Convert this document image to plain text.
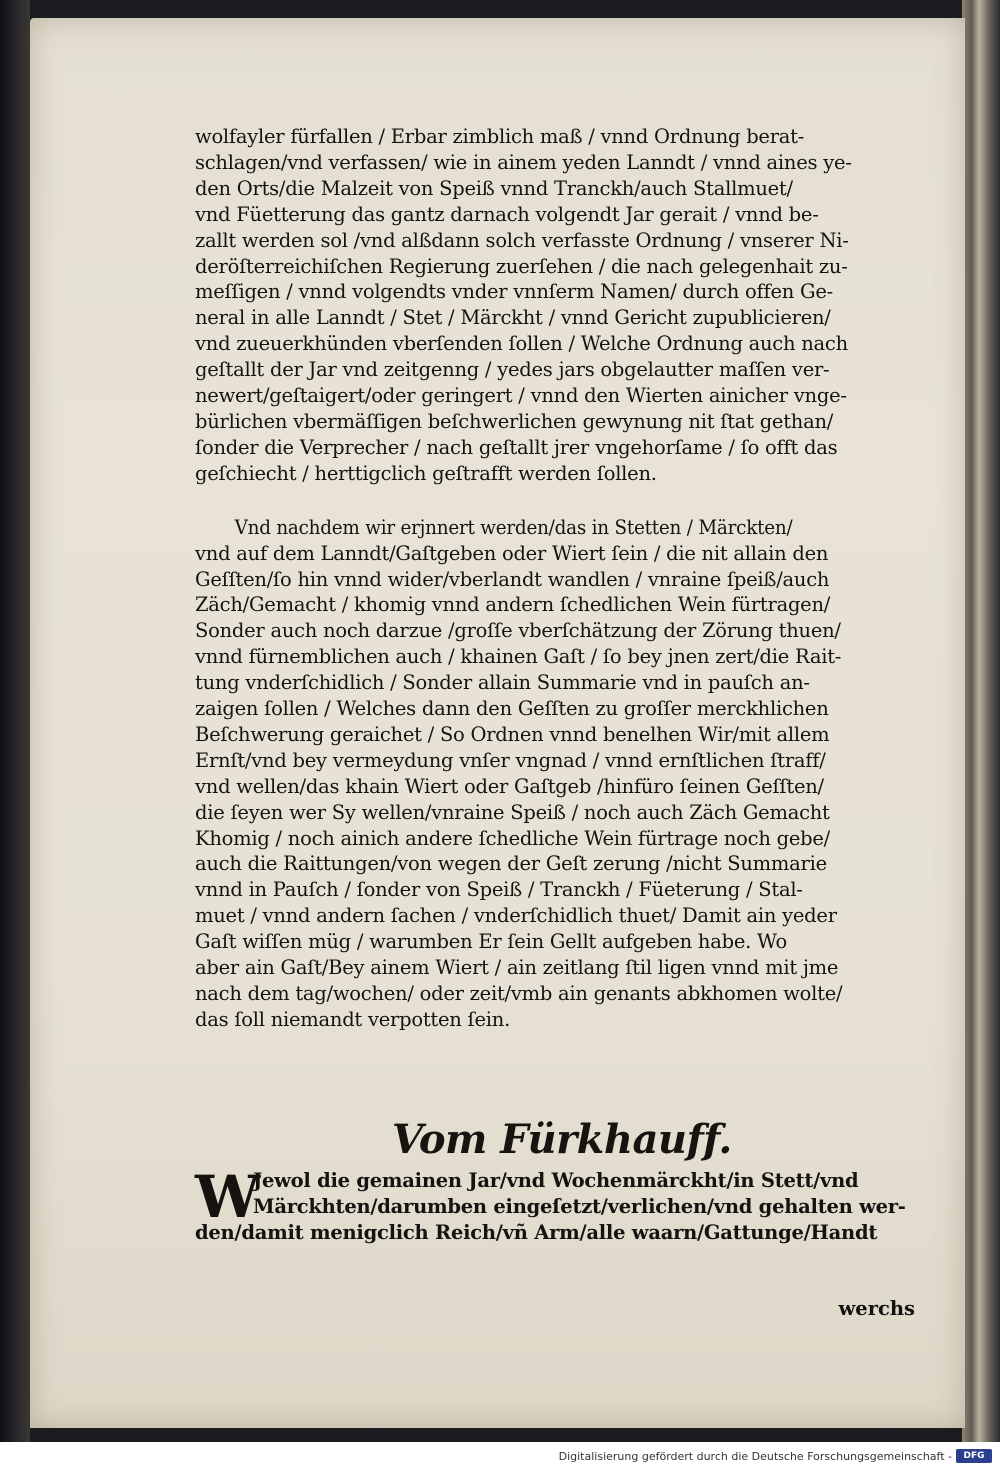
wolfayler fürfallen / Erbar zimblich maß / vnnd Ordnung berat-
schlagen/vnd verfassen/ wie in ainem yeden Lanndt / vnnd aines ye-
den Orts/die Malzeit von Speiß vnnd Tranckh/auch Stallmuet/
vnd Füetterung das gantz darnach volgendt Jar gerait / vnnd be-
zallt werden sol /vnd alßdann solch verfasste Ordnung / vnserer Ni-
deröſterreichiſchen Regierung zuerſehen / die nach gelegenhait zu-
meſſigen / vnnd volgendts vnder vnnſerm Namen/ durch offen Ge-
neral in alle Lanndt / Stet / Märckht / vnnd Gericht zupublicieren/
vnd zueuerkhünden vberſenden ſollen / Welche Ordnung auch nach
geſtallt der Jar vnd zeitgenng / yedes jars obgelautter maſſen ver-
newert/geſtaigert/oder geringert / vnnd den Wierten ainicher vnge-
bürlichen vbermäſſigen beſchwerlichen gewynung nit ſtat gethan/
ſonder die Verprecher / nach geſtallt jrer vngehorſame / ſo offt das
geſchiecht / herttigclich geſtrafft werden ſollen.
Vnd nachdem wir erjnnert werden/das in Stetten / Märckten/
vnd auf dem Lanndt/Gaſtgeben oder Wiert ſein / die nit allain den
Geſſten/ſo hin vnnd wider/vberlandt wandlen / vnraine ſpeiß/auch
Zäch/Gemacht / khomig vnnd andern ſchedlichen Wein fürtragen/
Sonder auch noch darzue /groſſe vberſchätzung der Zörung thuen/
vnnd fürnemblichen auch / khainen Gaſt / ſo bey jnen zert/die Rait-
tung vnderſchidlich / Sonder allain Summarie vnd in pauſch an-
zaigen ſollen / Welches dann den Geſſten zu groſſer merckhlichen
Beſchwerung geraichet / So Ordnen vnnd benelhen Wir/mit allem
Ernſt/vnd bey vermeydung vnſer vngnad / vnnd ernſtlichen ſtraff/
vnd wellen/das khain Wiert oder Gaſtgeb /hinfüro ſeinen Geſſten/
die ſeyen wer Sy wellen/vnraine Speiß / noch auch Zäch Gemacht
Khomig / noch ainich andere ſchedliche Wein fürtrage noch gebe/
auch die Raittungen/von wegen der Geſt zerung /nicht Summarie
vnnd in Pauſch / ſonder von Speiß / Tranckh / Füeterung / Stal-
muet / vnnd andern ſachen / vnderſchidlich thuet/ Damit ain yeder
Gaſt wiſſen müg / warumben Er ſein Gellt aufgeben habe. Wo
aber ain Gaſt/Bey ainem Wiert / ain zeitlang ſtil ligen vnnd mit jme
nach dem tag/wochen/ oder zeit/vmb ain genants abkhomen wolte/
das ſoll niemandt verpotten ſein.
Vom Fürkhauff.
W
Jewol die gemainen Jar/vnd Wochenmärckht/in Stett/vnd
Märckhten/darumben eingeſetzt/verlichen/vnd gehalten wer-
den/damit menigclich Reich/vñ Arm/alle waarn/Gattunge/Handt
werchs
Digitalisierung gefördert durch die Deutsche Forschungsgemeinschaft -	DFG
